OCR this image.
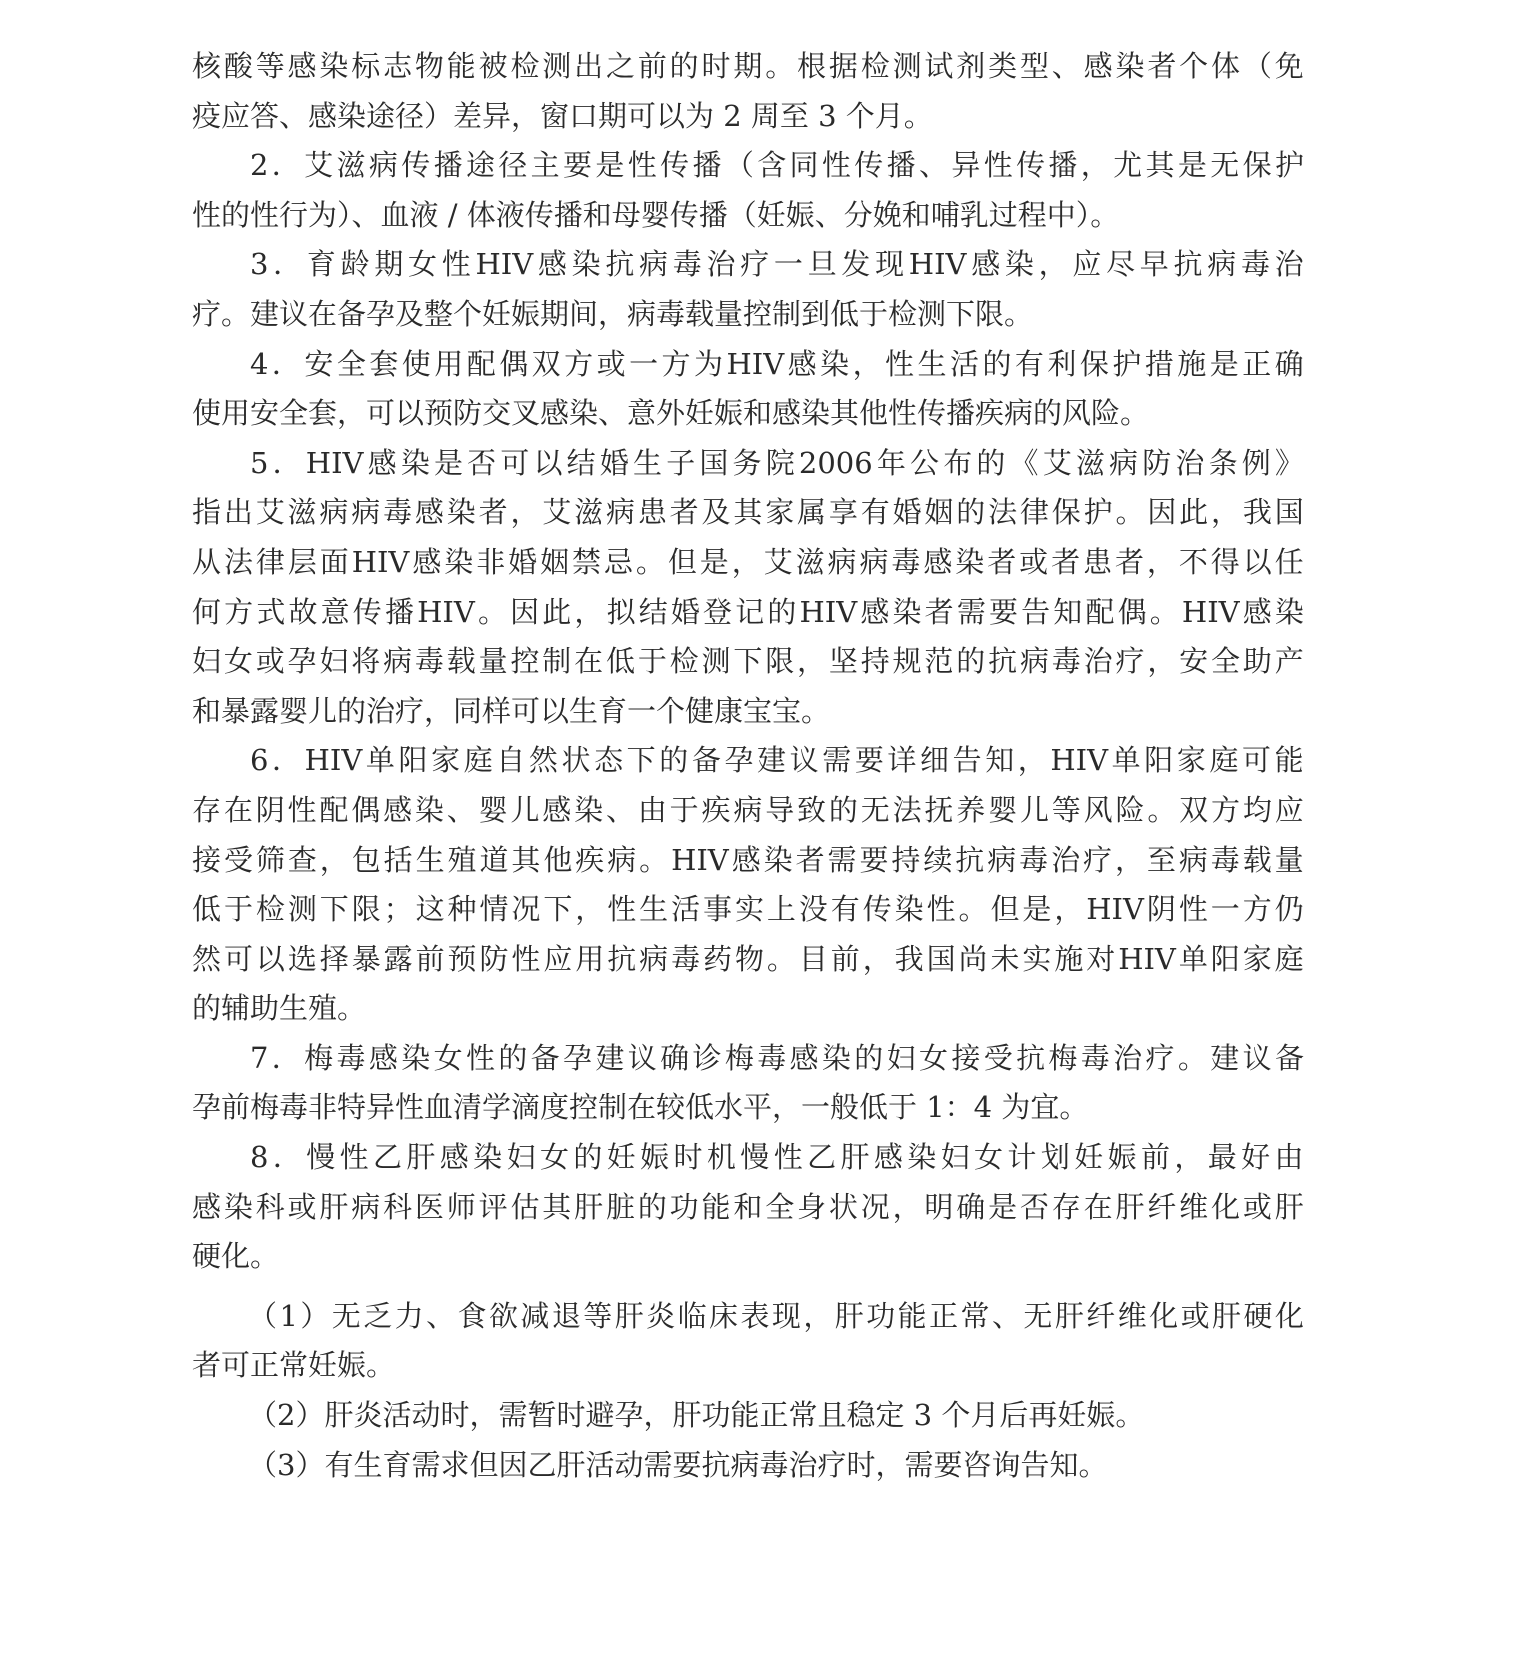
核 酸 等 感 染 标 志 物 能 被 检 测 出 之 前 的 时 期 。 根 据 检 测 试 剂 类 型 、 感 染 者 个 体 （ 免
疫应答、感染途径）差异，窗口期可以为 2 周至 3 个月。
2 ． 艾 滋 病 传 播 途 径 主 要 是 性 传 播 （ 含 同 性 传 播 、 异 性 传 播 ， 尤 其 是 无 保 护
性的性行为）、血液 / 体液传播和母婴传播（妊娠、分娩和哺乳过程中）。
3 ． 育 龄 期 女 性 HIV 感 染 抗 病 毒 治 疗 一 旦 发 现 HIV 感 染 ， 应 尽 早 抗 病 毒 治
疗。建议在备孕及整个妊娠期间，病毒载量控制到低于检测下限。
4 ． 安 全 套 使 用 配 偶 双 方 或 一 方 为 HIV 感 染 ， 性 生 活 的 有 利 保 护 措 施 是 正 确
使用安全套，可以预防交叉感染、意外妊娠和感染其他性传播疾病的风险。
5 ． HIV 感 染 是 否 可 以 结 婚 生 子 国 务 院 2006 年 公 布 的 《 艾 滋 病 防 治 条 例 》
指 出 艾 滋 病 病 毒 感 染 者 ， 艾 滋 病 患 者 及 其 家 属 享 有 婚 姻 的 法 律 保 护 。 因 此 ， 我 国
从 法 律 层 面 HIV 感 染 非 婚 姻 禁 忌 。 但 是 ， 艾 滋 病 病 毒 感 染 者 或 者 患 者 ， 不 得 以 任
何 方 式 故 意 传 播 HIV 。 因 此 ， 拟 结 婚 登 记 的 HIV 感 染 者 需 要 告 知 配 偶 。 HIV 感 染
妇 女 或 孕 妇 将 病 毒 载 量 控 制 在 低 于 检 测 下 限 ， 坚 持 规 范 的 抗 病 毒 治 疗 ， 安 全 助 产
和暴露婴儿的治疗，同样可以生育一个健康宝宝。
6 ． HIV 单 阳 家 庭 自 然 状 态 下 的 备 孕 建 议 需 要 详 细 告 知 ， HIV 单 阳 家 庭 可 能
存 在 阴 性 配 偶 感 染 、 婴 儿 感 染 、 由 于 疾 病 导 致 的 无 法 抚 养 婴 儿 等 风 险 。 双 方 均 应
接 受 筛 查 ， 包 括 生 殖 道 其 他 疾 病 。 HIV 感 染 者 需 要 持 续 抗 病 毒 治 疗 ， 至 病 毒 载 量
低 于 检 测 下 限 ； 这 种 情 况 下 ， 性 生 活 事 实 上 没 有 传 染 性 。 但 是 ， HIV 阴 性 一 方 仍
然 可 以 选 择 暴 露 前 预 防 性 应 用 抗 病 毒 药 物 。 目 前 ， 我 国 尚 未 实 施 对 HIV 单 阳 家 庭
的辅助生殖。
7 ． 梅 毒 感 染 女 性 的 备 孕 建 议 确 诊 梅 毒 感 染 的 妇 女 接 受 抗 梅 毒 治 疗 。 建 议 备
孕前梅毒非特异性血清学滴度控制在较低水平，一般低于 1：4 为宜。
8 ． 慢 性 乙 肝 感 染 妇 女 的 妊 娠 时 机 慢 性 乙 肝 感 染 妇 女 计 划 妊 娠 前 ， 最 好 由
感 染 科 或 肝 病 科 医 师 评 估 其 肝 脏 的 功 能 和 全 身 状 况 ， 明 确 是 否 存 在 肝 纤 维 化 或 肝
硬化。
（ 1 ） 无 乏 力 、 食 欲 减 退 等 肝 炎 临 床 表 现 ， 肝 功 能 正 常 、 无 肝 纤 维 化 或 肝 硬 化
者可正常妊娠。
（2）肝炎活动时，需暂时避孕，肝功能正常且稳定 3 个月后再妊娠。
（3）有生育需求但因乙肝活动需要抗病毒治疗时，需要咨询告知。
